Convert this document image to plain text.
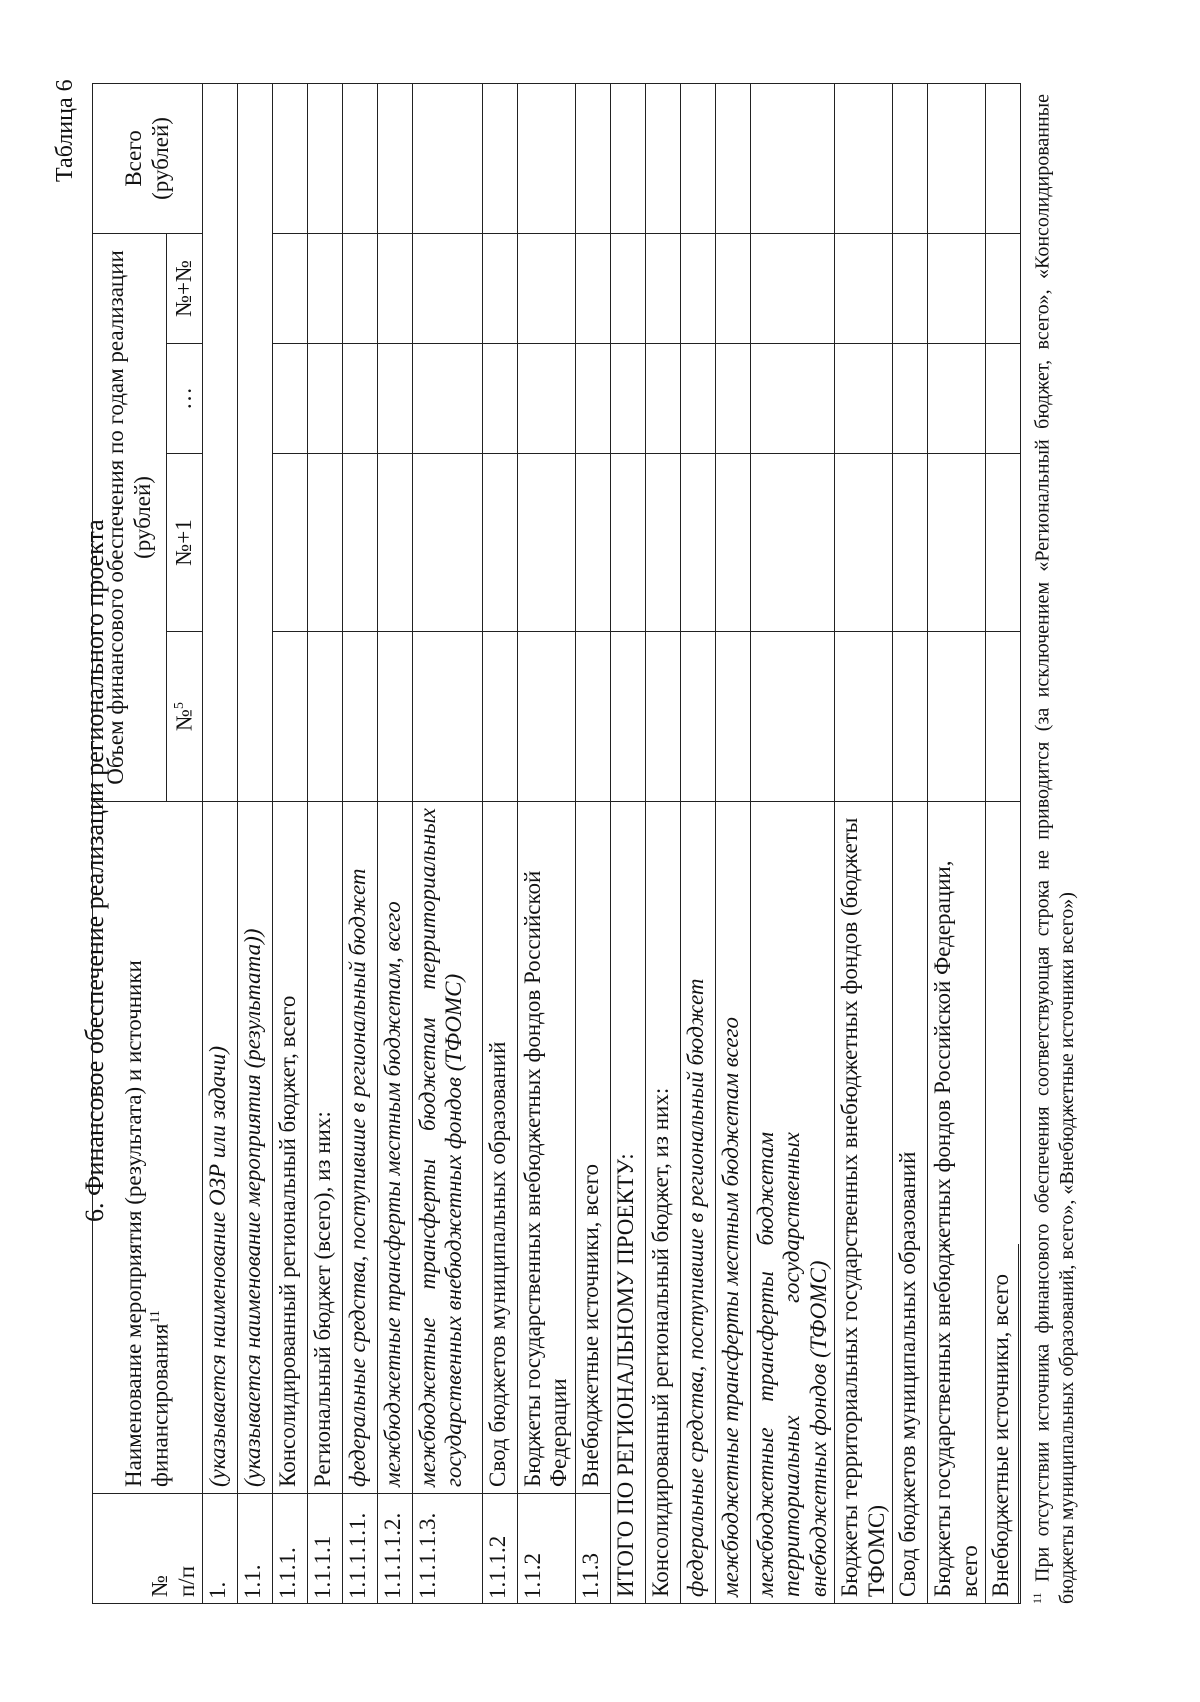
Таблица 6
6. Финансовое обеспечение реализации регионального проекта
№
п/п	Наименование мероприятия (результата) и источники финансирования$^{11}$	Объем финансового обеспечения по годам реализации (рублей)				Всего (рублей)
		№$^5$	№+1	…	№+№	
1.	(указывается наименование ОЗР или задачи)					
1.1.	(указывается наименование мероприятия (результата))					
1.1.1.	Консолидированный региональный бюджет, всего					
1.1.1.1	Региональный бюджет (всего), из них:					
1.1.1.1.1.	федеральные средства, поступившие в региональный бюджет					
1.1.1.1.2.	межбюджетные трансферты местным бюджетам, всего					
1.1.1.1.3.	межбюджетные трансферты бюджетам территориальных государственных внебюджетных фондов (ТФОМС)					
1.1.1.2	Свод бюджетов муниципальных образований					
1.1.2	Бюджеты государственных внебюджетных фондов Российской Федерации					
1.1.3	Внебюджетные источники, всего					
ИТОГО ПО РЕГИОНАЛЬНОМУ ПРОЕКТУ:						
Консолидированный региональный бюджет, из них:						
федеральные средства, поступившие в региональный бюджет						
межбюджетные трансферты местным бюджетам всего						
межбюджетные трансферты бюджетам территориальных государственных внебюджетных фондов (ТФОМС)						
Бюджеты территориальных государственных внебюджетных фондов (бюджеты ТФОМС)						
Свод бюджетов муниципальных образований						
Бюджеты государственных внебюджетных фондов Российской Федерации, всего						
Внебюджетные источники, всего						
$^{11}$ При отсутствии источника финансового обеспечения соответствующая строка не приводится (за исключением «Региональный бюджет, всего», «Консолидированные бюджеты муниципальных образований, всего», «Внебюджетные источники всего»)
